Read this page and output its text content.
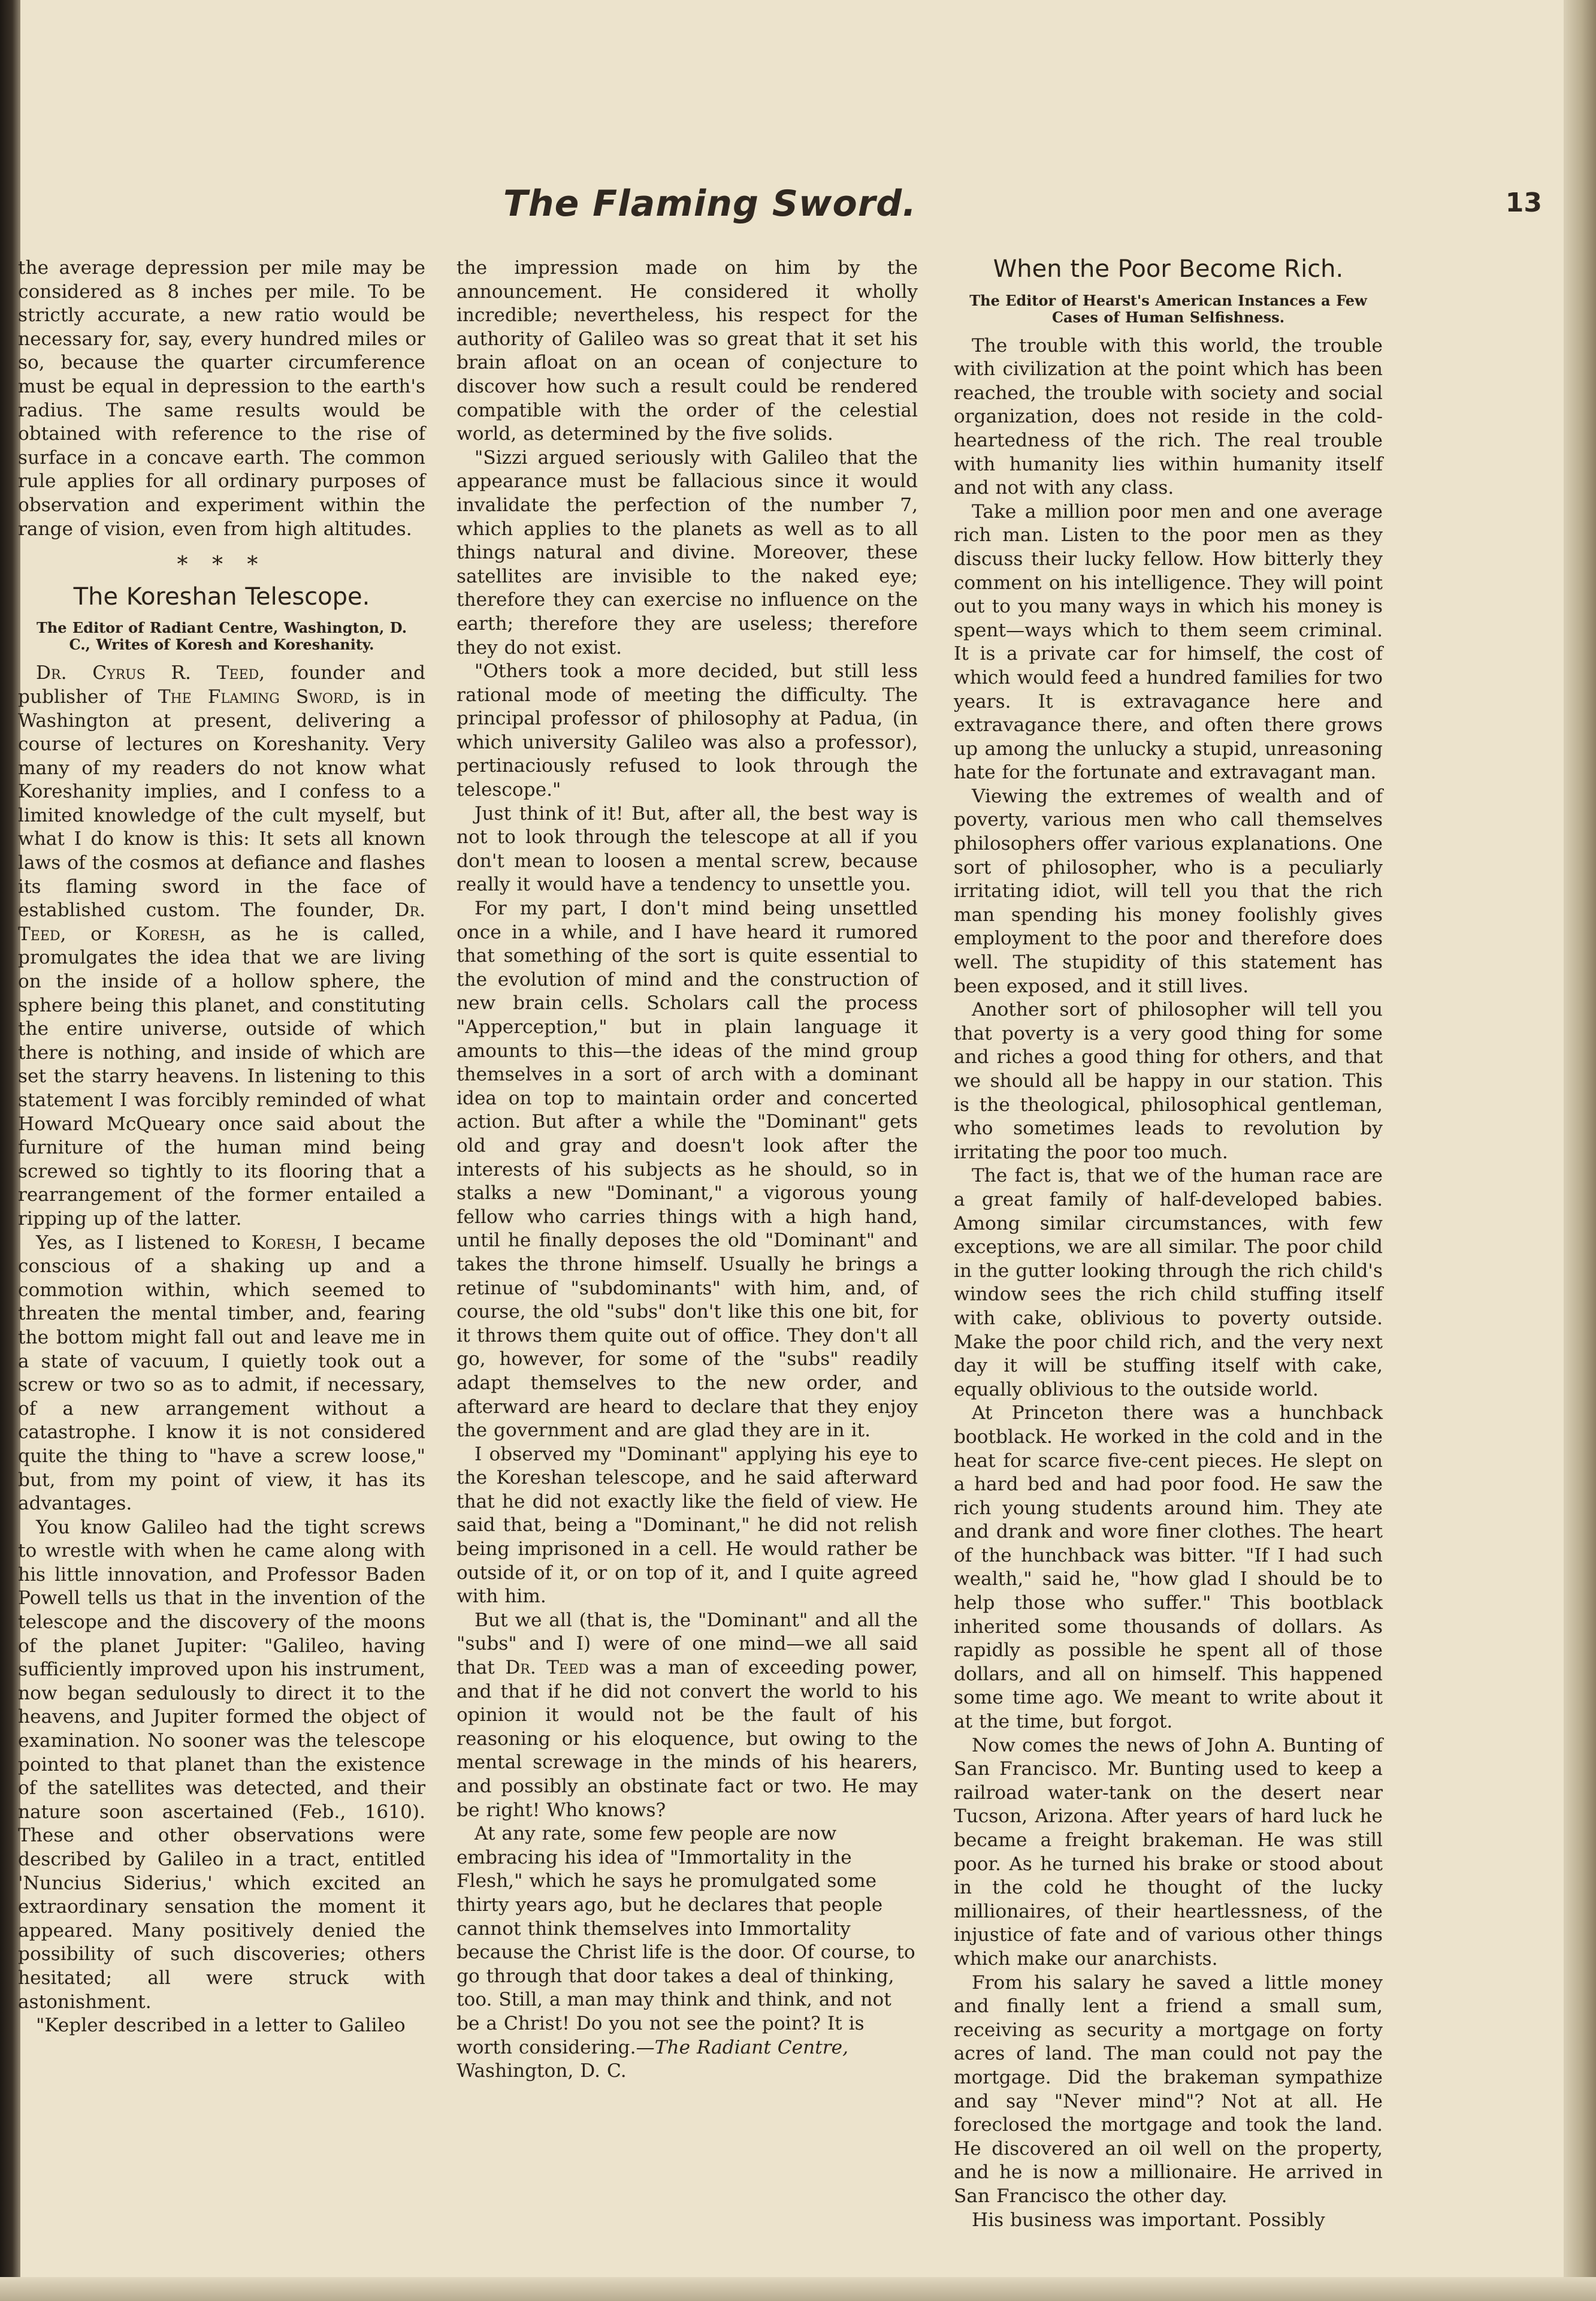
The Flaming Sword.	13

the average depression per mile may be considered as 8 inches per mile. To be strictly accurate, a new ratio would be necessary for, say, every hundred miles or so, because the quarter circumference must be equal in depression to the earth's radius. The same results would be obtained with reference to the rise of surface in a concave earth. The common rule applies for all ordinary purposes of observation and experiment within the range of vision, even from high altitudes.

* * *
The Koreshan Telescope.
The Editor of Radiant Centre, Washington, D. C., Writes of Koresh and Koreshanity.

Dr. Cyrus R. Teed, founder and publisher of The Flaming Sword, is in Washington at present, delivering a course of lectures on Koreshanity. Very many of my readers do not know what Koreshanity implies, and I confess to a limited knowledge of the cult myself, but what I do know is this: It sets all known laws of the cosmos at defiance and flashes its flaming sword in the face of established custom. The founder, Dr. Teed, or Koresh, as he is called, promulgates the idea that we are living on the inside of a hollow sphere, the sphere being this planet, and constituting the entire universe, outside of which there is nothing, and inside of which are set the starry heavens. In listening to this statement I was forcibly reminded of what Howard McQueary once said about the furniture of the human mind being screwed so tightly to its flooring that a rearrangement of the former entailed a ripping up of the latter.

Yes, as I listened to Koresh, I became conscious of a shaking up and a commotion within, which seemed to threaten the mental timber, and, fearing the bottom might fall out and leave me in a state of vacuum, I quietly took out a screw or two so as to admit, if necessary, of a new arrangement without a catastrophe. I know it is not considered quite the thing to "have a screw loose," but, from my point of view, it has its advantages.

You know Galileo had the tight screws to wrestle with when he came along with his little innovation, and Professor Baden Powell tells us that in the invention of the telescope and the discovery of the moons of the planet Jupiter: "Galileo, having sufficiently improved upon his instrument, now began sedulously to direct it to the heavens, and Jupiter formed the object of examination. No sooner was the telescope pointed to that planet than the existence of the satellites was detected, and their nature soon ascertained (Feb., 1610). These and other observations were described by Galileo in a tract, entitled 'Nuncius Siderius,' which excited an extraordinary sensation the moment it appeared. Many positively denied the possibility of such discoveries; others hesitated; all were struck with astonishment.

"Kepler described in a letter to Galileo

the impression made on him by the announcement. He considered it wholly incredible; nevertheless, his respect for the authority of Galileo was so great that it set his brain afloat on an ocean of conjecture to discover how such a result could be rendered compatible with the order of the celestial world, as determined by the five solids.

"Sizzi argued seriously with Galileo that the appearance must be fallacious since it would invalidate the perfection of the number 7, which applies to the planets as well as to all things natural and divine. Moreover, these satellites are invisible to the naked eye; therefore they can exercise no influence on the earth; therefore they are useless; therefore they do not exist.

"Others took a more decided, but still less rational mode of meeting the difficulty. The principal professor of philosophy at Padua, (in which university Galileo was also a professor), pertinaciously refused to look through the telescope."

Just think of it! But, after all, the best way is not to look through the telescope at all if you don't mean to loosen a mental screw, because really it would have a tendency to unsettle you.

For my part, I don't mind being unsettled once in a while, and I have heard it rumored that something of the sort is quite essential to the evolution of mind and the construction of new brain cells. Scholars call the process "Apperception," but in plain language it amounts to this—the ideas of the mind group themselves in a sort of arch with a dominant idea on top to maintain order and concerted action. But after a while the "Dominant" gets old and gray and doesn't look after the interests of his subjects as he should, so in stalks a new "Dominant," a vigorous young fellow who carries things with a high hand, until he finally deposes the old "Dominant" and takes the throne himself. Usually he brings a retinue of "subdominants" with him, and, of course, the old "subs" don't like this one bit, for it throws them quite out of office. They don't all go, however, for some of the "subs" readily adapt themselves to the new order, and afterward are heard to declare that they enjoy the government and are glad they are in it.

I observed my "Dominant" applying his eye to the Koreshan telescope, and he said afterward that he did not exactly like the field of view. He said that, being a "Dominant," he did not relish being imprisoned in a cell. He would rather be outside of it, or on top of it, and I quite agreed with him.

But we all (that is, the "Dominant" and all the "subs" and I) were of one mind—we all said that Dr. Teed was a man of exceeding power, and that if he did not convert the world to his opinion it would not be the fault of his reasoning or his eloquence, but owing to the mental screwage in the minds of his hearers, and possibly an obstinate fact or two. He may be right! Who knows?

At any rate, some few people are now embracing his idea of "Immortality in the Flesh," which he says he promulgated some thirty years ago, but he declares that people cannot think themselves into Immortality because the Christ life is the door. Of course, to go through that door takes a deal of thinking, too. Still, a man may think and think, and not be a Christ! Do you not see the point? It is worth considering.—The Radiant Centre, Washington, D. C.

When the Poor Become Rich.
The Editor of Hearst's American Instances a Few Cases of Human Selfishness.

The trouble with this world, the trouble with civilization at the point which has been reached, the trouble with society and social organization, does not reside in the cold-heartedness of the rich. The real trouble with humanity lies within humanity itself and not with any class.

Take a million poor men and one average rich man. Listen to the poor men as they discuss their lucky fellow. How bitterly they comment on his intelligence. They will point out to you many ways in which his money is spent—ways which to them seem criminal. It is a private car for himself, the cost of which would feed a hundred families for two years. It is extravagance here and extravagance there, and often there grows up among the unlucky a stupid, unreasoning hate for the fortunate and extravagant man.

Viewing the extremes of wealth and of poverty, various men who call themselves philosophers offer various explanations. One sort of philosopher, who is a peculiarly irritating idiot, will tell you that the rich man spending his money foolishly gives employment to the poor and therefore does well. The stupidity of this statement has been exposed, and it still lives.

Another sort of philosopher will tell you that poverty is a very good thing for some and riches a good thing for others, and that we should all be happy in our station. This is the theological, philosophical gentleman, who sometimes leads to revolution by irritating the poor too much.

The fact is, that we of the human race are a great family of half-developed babies. Among similar circumstances, with few exceptions, we are all similar. The poor child in the gutter looking through the rich child's window sees the rich child stuffing itself with cake, oblivious to poverty outside. Make the poor child rich, and the very next day it will be stuffing itself with cake, equally oblivious to the outside world.

At Princeton there was a hunchback bootblack. He worked in the cold and in the heat for scarce five-cent pieces. He slept on a hard bed and had poor food. He saw the rich young students around him. They ate and drank and wore finer clothes. The heart of the hunchback was bitter. "If I had such wealth," said he, "how glad I should be to help those who suffer." This bootblack inherited some thousands of dollars. As rapidly as possible he spent all of those dollars, and all on himself. This happened some time ago. We meant to write about it at the time, but forgot.

Now comes the news of John A. Bunting of San Francisco. Mr. Bunting used to keep a railroad water-tank on the desert near Tucson, Arizona. After years of hard luck he became a freight brakeman. He was still poor. As he turned his brake or stood about in the cold he thought of the lucky millionaires, of their heartlessness, of the injustice of fate and of various other things which make our anarchists.

From his salary he saved a little money and finally lent a friend a small sum, receiving as security a mortgage on forty acres of land. The man could not pay the mortgage. Did the brakeman sympathize and say "Never mind"? Not at all. He foreclosed the mortgage and took the land. He discovered an oil well on the property, and he is now a millionaire. He arrived in San Francisco the other day.

His business was important. Possibly
